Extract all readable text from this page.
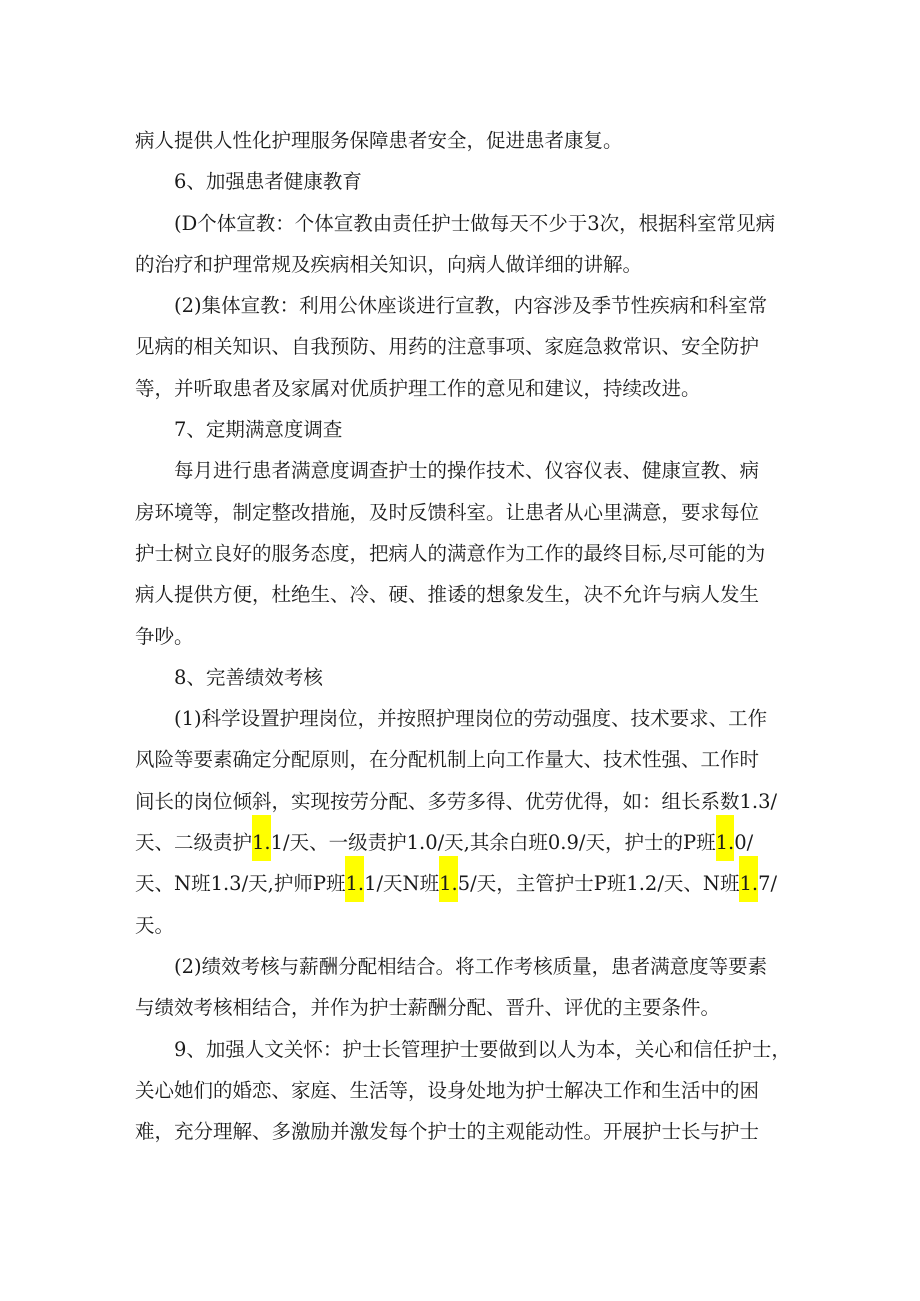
病人提供人性化护理服务保障患者安全，促进患者康复。
6、加强患者健康教育
(D个体宣教：个体宣教由责任护士做每天不少于3次，根据科室常见病
的治疗和护理常规及疾病相关知识，向病人做详细的讲解。
(2)集体宣教：利用公休座谈进行宣教，内容涉及季节性疾病和科室常
见病的相关知识、自我预防、用药的注意事项、家庭急救常识、安全防护
等，并听取患者及家属对优质护理工作的意见和建议，持续改进。
7、定期满意度调查
每月进行患者满意度调查护士的操作技术、仪容仪表、健康宣教、病
房环境等，制定整改措施，及时反馈科室。让患者从心里满意，要求每位
护士树立良好的服务态度，把病人的满意作为工作的最终目标,尽可能的为
病人提供方便，杜绝生、冷、硬、推诿的想象发生，决不允许与病人发生
争吵。
8、完善绩效考核
(1)科学设置护理岗位，并按照护理岗位的劳动强度、技术要求、工作
风险等要素确定分配原则，在分配机制上向工作量大、技术性强、工作时
间长的岗位倾斜，实现按劳分配、多劳多得、优劳优得，如：组长系数1.3/
天、二级责护1.1/天、一级责护1.0/天,其余白班0.9/天，护士的P班1.0/
天、N班1.3/天,护师P班1.1/天N班1.5/天，主管护士P班1.2/天、N班1.7/
天。
(2)绩效考核与薪酬分配相结合。将工作考核质量，患者满意度等要素
与绩效考核相结合，并作为护士薪酬分配、晋升、评优的主要条件。
9、加强人文关怀：护士长管理护士要做到以人为本，关心和信任护士，
关心她们的婚恋、家庭、生活等，设身处地为护士解决工作和生活中的困
难，充分理解、多激励并激发每个护士的主观能动性。开展护士长与护士
